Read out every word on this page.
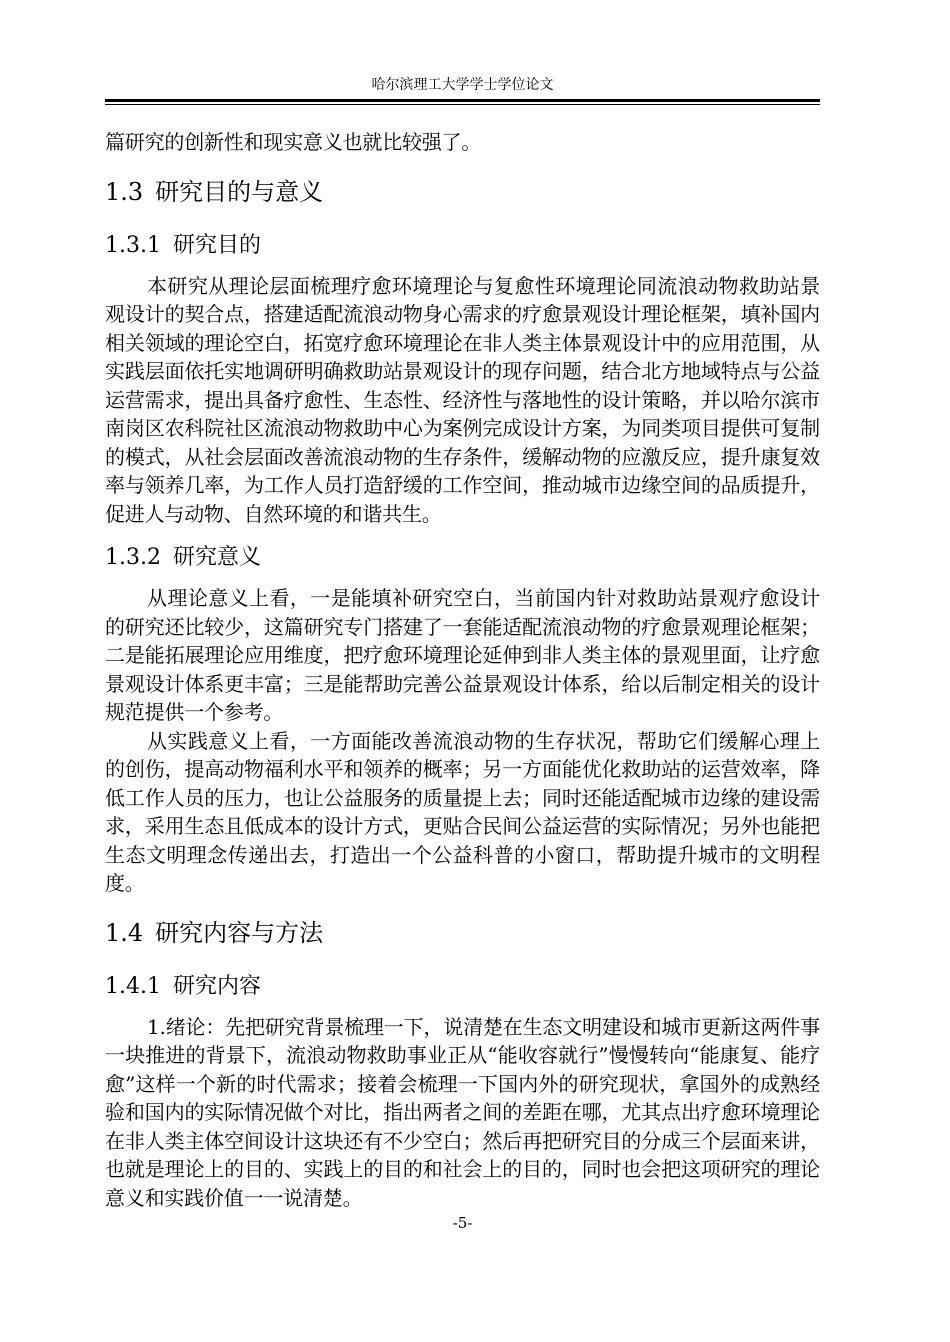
哈尔滨理工大学学士学位论文

篇研究的创新性和现实意义也就比较强了。

1.3 研究目的与意义
1.3.1 研究目的

本研究从理论层面梳理疗愈环境理论与复愈性环境理论同流浪动物救助站景观设计的契合点，搭建适配流浪动物身心需求的疗愈景观设计理论框架，填补国内相关领域的理论空白，拓宽疗愈环境理论在非人类主体景观设计中的应用范围，从实践层面依托实地调研明确救助站景观设计的现存问题，结合北方地域特点与公益运营需求，提出具备疗愈性、生态性、经济性与落地性的设计策略，并以哈尔滨市南岗区农科院社区流浪动物救助中心为案例完成设计方案，为同类项目提供可复制的模式，从社会层面改善流浪动物的生存条件，缓解动物的应激反应，提升康复效率与领养几率，为工作人员打造舒缓的工作空间，推动城市边缘空间的品质提升，促进人与动物、自然环境的和谐共生。

1.3.2 研究意义

从理论意义上看，一是能填补研究空白，当前国内针对救助站景观疗愈设计的研究还比较少，这篇研究专门搭建了一套能适配流浪动物的疗愈景观理论框架；二是能拓展理论应用维度，把疗愈环境理论延伸到非人类主体的景观里面，让疗愈景观设计体系更丰富；三是能帮助完善公益景观设计体系，给以后制定相关的设计规范提供一个参考。

从实践意义上看，一方面能改善流浪动物的生存状况，帮助它们缓解心理上的创伤，提高动物福利水平和领养的概率；另一方面能优化救助站的运营效率，降低工作人员的压力，也让公益服务的质量提上去；同时还能适配城市边缘的建设需求，采用生态且低成本的设计方式，更贴合民间公益运营的实际情况；另外也能把生态文明理念传递出去，打造出一个公益科普的小窗口，帮助提升城市的文明程度。

1.4 研究内容与方法
1.4.1 研究内容

1.绪论：先把研究背景梳理一下，说清楚在生态文明建设和城市更新这两件事一块推进的背景下，流浪动物救助事业正从“能收容就行”慢慢转向“能康复、能疗愈”这样一个新的时代需求；接着会梳理一下国内外的研究现状，拿国外的成熟经验和国内的实际情况做个对比，指出两者之间的差距在哪，尤其点出疗愈环境理论在非人类主体空间设计这块还有不少空白；然后再把研究目的分成三个层面来讲，也就是理论上的目的、实践上的目的和社会上的目的，同时也会把这项研究的理论意义和实践价值一一说清楚。

-5-
